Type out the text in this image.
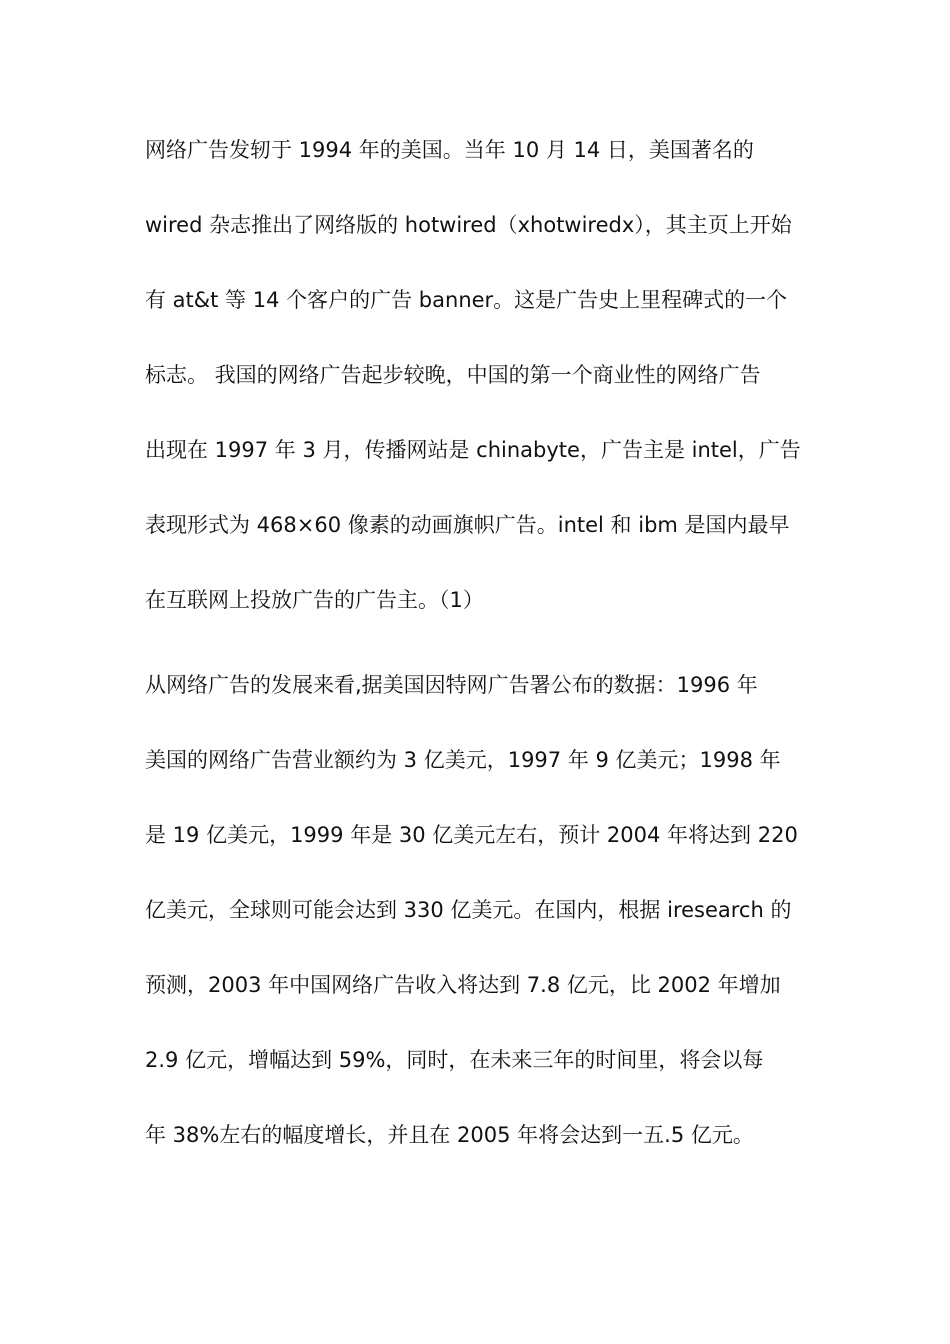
网络广告发轫于 1994 年的美国。当年 10 月 14 日，美国著名的
wired 杂志推出了网络版的 hotwired（xhotwiredx），其主页上开始
有 at&t 等 14 个客户的广告 banner。这是广告史上里程碑式的一个
标志。 我国的网络广告起步较晚，中国的第一个商业性的网络广告
出现在 1997 年 3 月，传播网站是 chinabyte，广告主是 intel，广告
表现形式为 468×60 像素的动画旗帜广告。intel 和 ibm 是国内最早
在互联网上投放广告的广告主。（1）
从网络广告的发展来看,据美国因特网广告署公布的数据：1996 年
美国的网络广告营业额约为 3 亿美元，1997 年 9 亿美元；1998 年
是 19 亿美元，1999 年是 30 亿美元左右，预计 2004 年将达到 220
亿美元，全球则可能会达到 330 亿美元。在国内，根据 iresearch 的
预测，2003 年中国网络广告收入将达到 7.8 亿元，比 2002 年增加
2.9 亿元，增幅达到 59%，同时，在未来三年的时间里，将会以每
年 38%左右的幅度增长，并且在 2005 年将会达到一五.5 亿元。
